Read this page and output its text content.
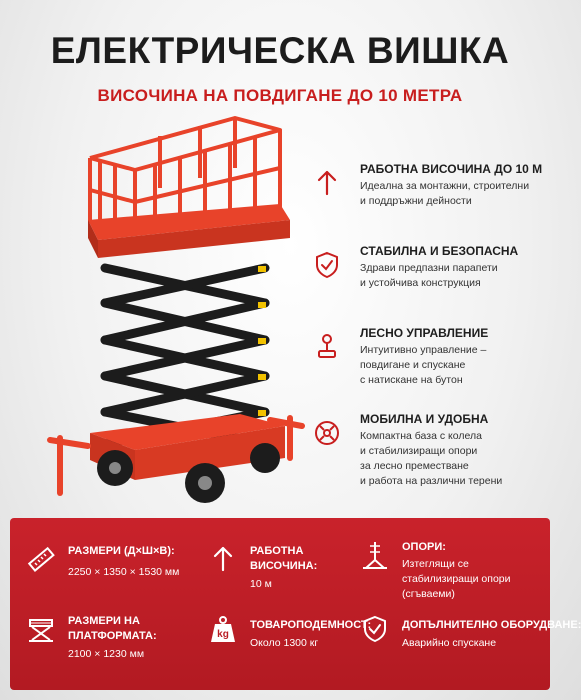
ЕЛЕКТРИЧЕСКА ВИШКА
ВИСОЧИНА НА ПОВДИГАНЕ ДО 10 МЕТРА
РАБОТНА ВИСОЧИНА ДО 10 М
Идеална за монтажни, строителни
и поддръжни дейности
СТАБИЛНА И БЕЗОПАСНА
Здрави предпазни парапети
и устойчива конструкция
ЛЕСНО УПРАВЛЕНИЕ
Интуитивно управление –
повдигане и спускане
с натискане на бутон
МОБИЛНА И УДОБНА
Компактна база с колела
и стабилизиращи опори
за лесно преместване
и работа на различни терени
РАЗМЕРИ (Д×Ш×В):
2250 × 1350 × 1530 мм
РАБОТНА
ВИСОЧИНА:
10 м
ОПОРИ:
Изтеглящи се
стабилизиращи опори
(сгъваеми)
РАЗМЕРИ НА
ПЛАТФОРМАТА:
2100 × 1230 мм
kg
ТОВАРОПОДЕМНОСТ:
Около 1300 кг
ДОПЪЛНИТЕЛНО ОБОРУДВАНЕ:
Аварийно спускане
